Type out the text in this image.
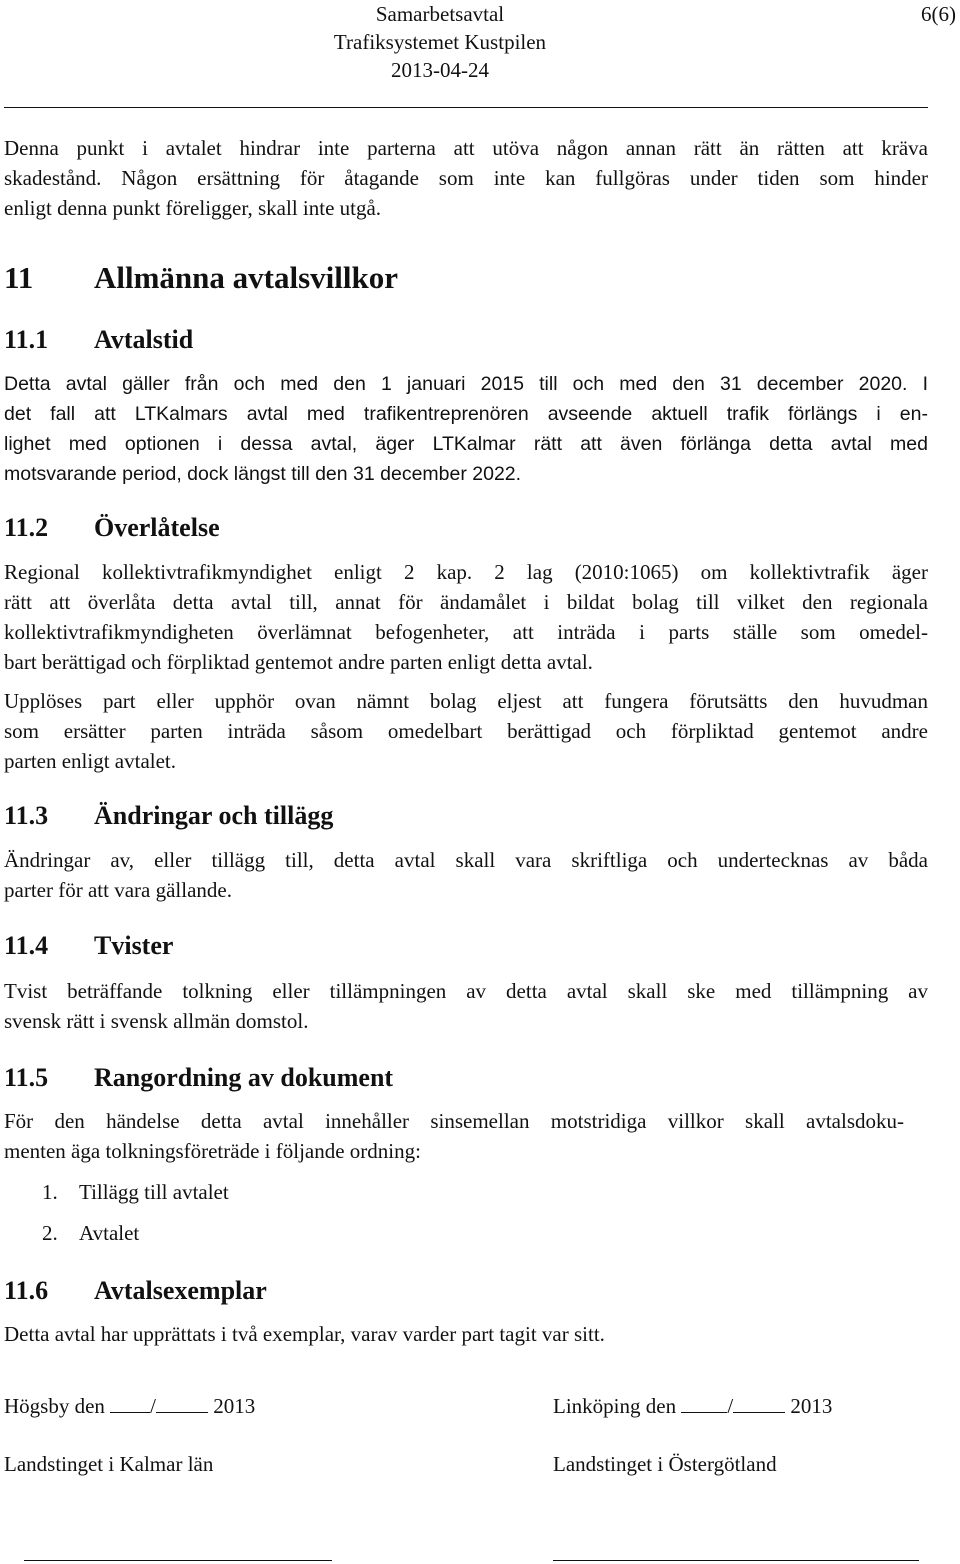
Samarbetsavtal
Trafiksystemet Kustpilen
2013-04-24
6(6)
Denna punkt i avtalet hindrar inte parterna att utöva någon annan rätt än rätten att kräva
skadestånd. Någon ersättning för åtagande som inte kan fullgöras under tiden som hinder
enligt denna punkt föreligger, skall inte utgå.
11 Allmänna avtalsvillkor
11.1 Avtalstid
Detta avtal gäller från och med den 1 januari 2015 till och med den 31 december 2020. I
det fall att LTKalmars avtal med trafikentreprenören avseende aktuell trafik förlängs i en-
lighet med optionen i dessa avtal, äger LTKalmar rätt att även förlänga detta avtal med
motsvarande period, dock längst till den 31 december 2022.
11.2 Överlåtelse
Regional kollektivtrafikmyndighet enligt 2 kap. 2 lag (2010:1065) om kollektivtrafik äger
rätt att överlåta detta avtal till, annat för ändamålet i bildat bolag till vilket den regionala
kollektivtrafikmyndigheten överlämnat befogenheter, att inträda i parts ställe som omedel-
bart berättigad och förpliktad gentemot andre parten enligt detta avtal.
Upplöses part eller upphör ovan nämnt bolag eljest att fungera förutsätts den huvudman
som ersätter parten inträda såsom omedelbart berättigad och förpliktad gentemot andre
parten enligt avtalet.
11.3 Ändringar och tillägg
Ändringar av, eller tillägg till, detta avtal skall vara skriftliga och undertecknas av båda
parter för att vara gällande.
11.4 Tvister
Tvist beträffande tolkning eller tillämpningen av detta avtal skall ske med tillämpning av
svensk rätt i svensk allmän domstol.
11.5 Rangordning av dokument
För den händelse detta avtal innehåller sinsemellan motstridiga villkor skall avtalsdoku-
menten äga tolkningsföreträde i följande ordning:
1. Tillägg till avtalet
2. Avtalet
11.6 Avtalsexemplar
Detta avtal har upprättats i två exemplar, varav varder part tagit var sitt.
Högsby den /	2013	Linköping den /	2013
Landstinget i Kalmar län	Landstinget i Östergötland
